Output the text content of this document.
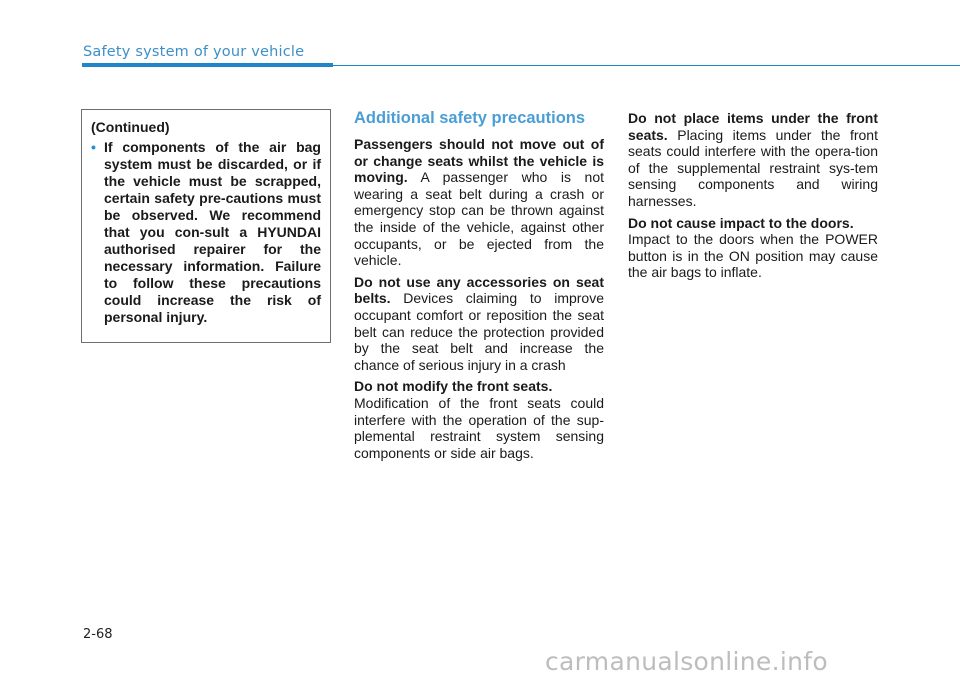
Safety system of your vehicle
(Continued)
• If components of the air bag system must be discarded, or if the vehicle must be scrapped, certain safety pre-cautions must be observed. We recommend that you con-sult a HYUNDAI authorised repairer for the necessary information. Failure to follow these precautions could increase the risk of personal injury.
Additional safety precautions

Passengers should not move out of or change seats whilst the vehicle is moving. A passenger who is not wearing a seat belt during a crash or emergency stop can be thrown against the inside of the vehicle, against other occupants, or be ejected from the vehicle.

Do not use any accessories on seat belts. Devices claiming to improve occupant comfort or reposition the seat belt can reduce the protection provided by the seat belt and increase the chance of serious injury in a crash

Do not modify the front seats.
Modification of the front seats could interfere with the operation of the sup-plemental restraint system sensing components or side air bags.

Do not place items under the front seats. Placing items under the front seats could interfere with the opera-tion of the supplemental restraint sys-tem sensing components and wiring harnesses.

Do not cause impact to the doors.
Impact to the doors when the POWER button is in the ON position may cause the air bags to inflate.

2-68
carmanualsonline.info
